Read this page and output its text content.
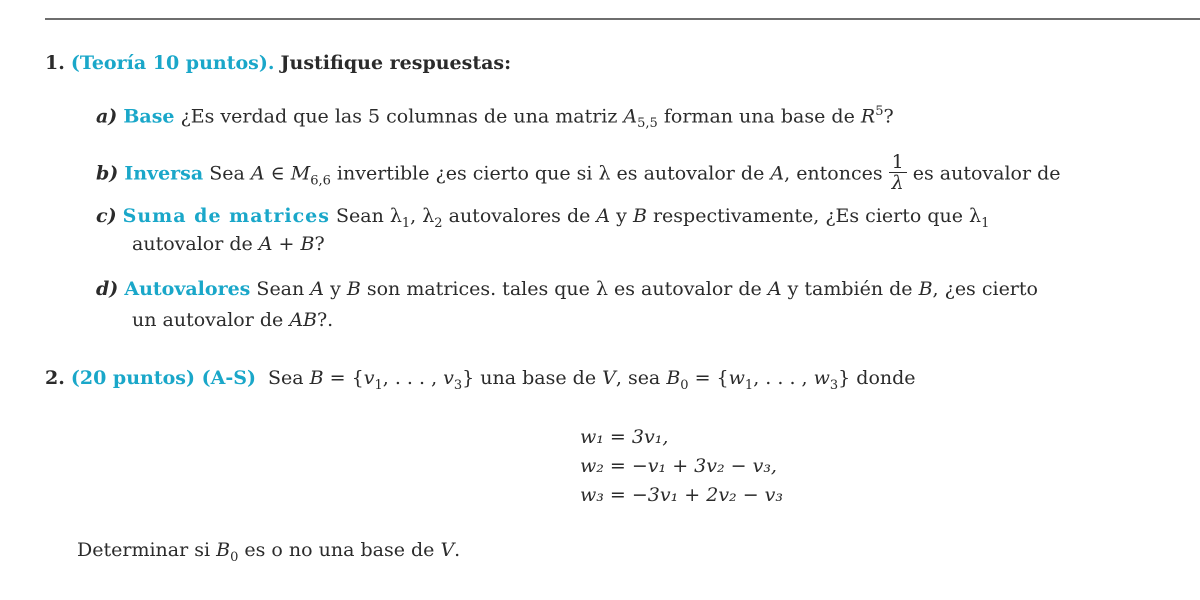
1. (Teoría 10 puntos). Justifique respuestas:
a) Base ¿Es verdad que las 5 columnas de una matriz $A_{5,5}$ forman una base de $R^5$?
b) Inversa Sea A ∈ $M_{6,6}$ invertible ¿es cierto que si λ es autovalor de A, entonces $\frac{1}{\lambda}$ es autovalor de
c) Suma de matrices Sean $\lambda_1$, $\lambda_2$ autovalores de A y B respectivamente, ¿Es cierto que $\lambda_1$
autovalor de A + B?
d) Autovalores Sean A y B son matrices. tales que λ es autovalor de A y también de B, ¿es cierto
un autovalor de AB?.
2. (20 puntos) (A-S) Sea $B = \{v_1$, . . . , $v_3$} una base de V, sea $B_0 = \{w_1$, . . . , $w_3$} donde
w₁ = 3v₁,
w₂ = −v₁ + 3v₂ − v₃,
w₃ = −3v₁ + 2v₂ − v₃
Determinar si $B_0$ es o no una base de V.
